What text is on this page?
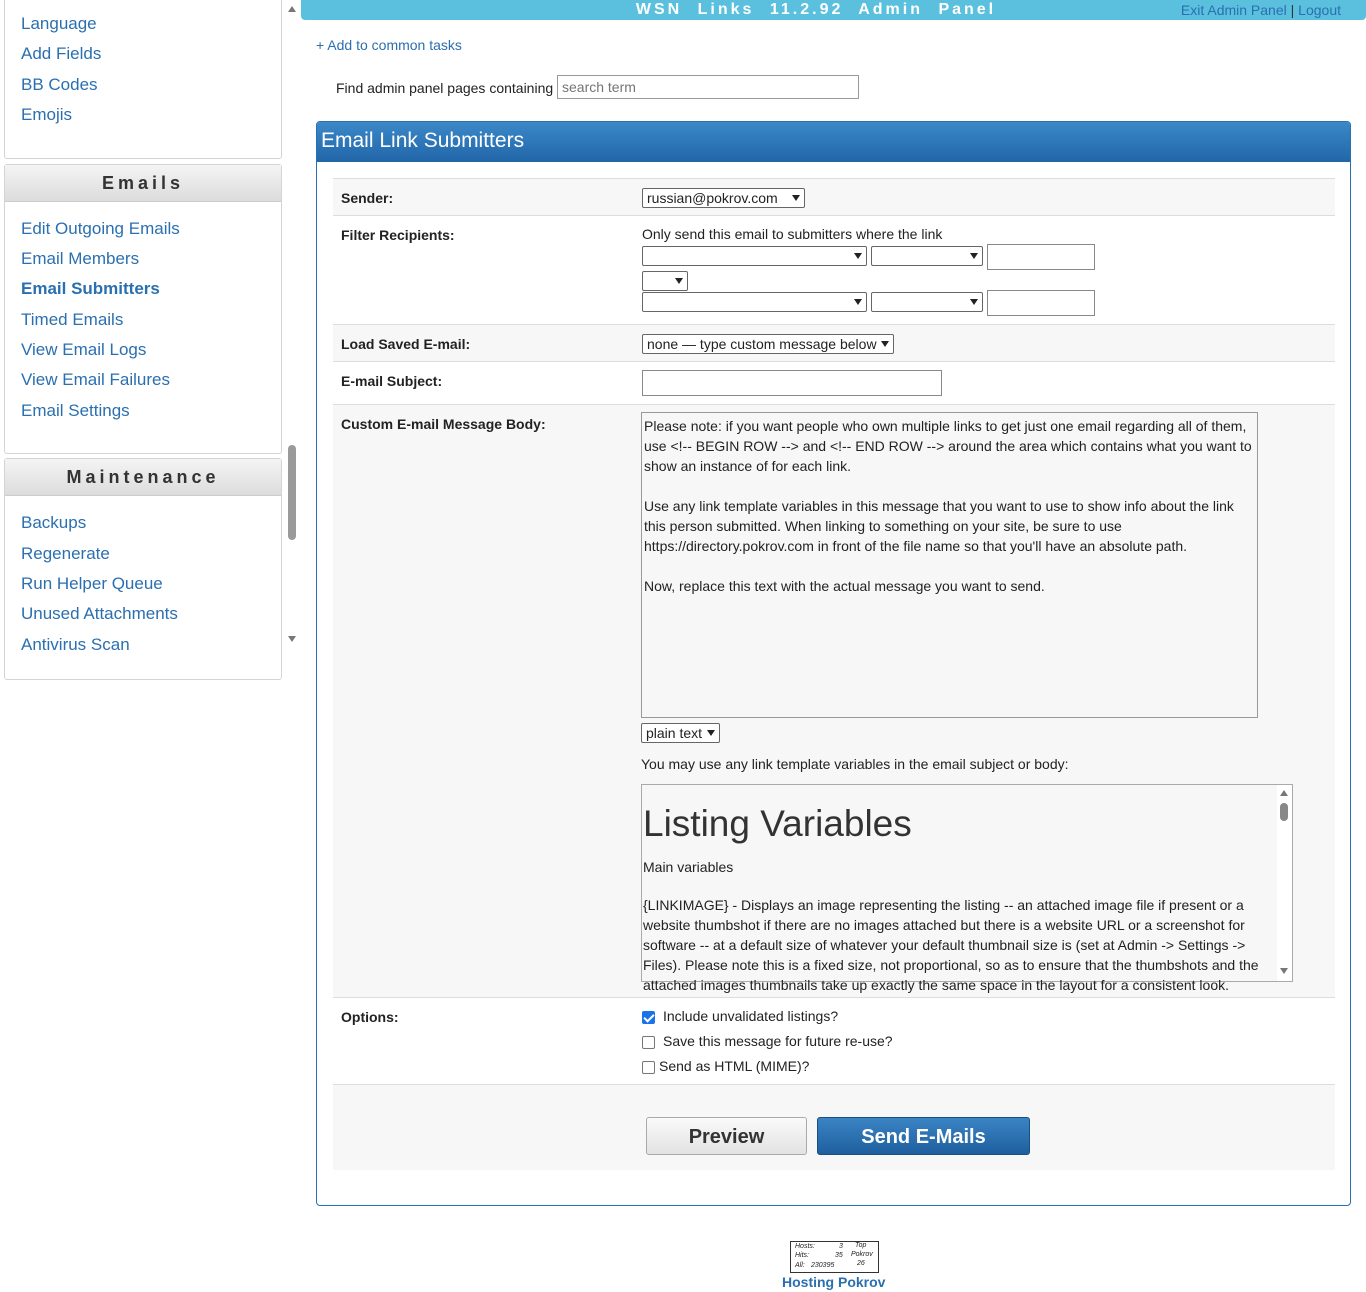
Language
Add Fields
BB Codes
Emojis
Emails
Edit Outgoing Emails
Email Members
Email Submitters
Timed Emails
View Email Logs
View Email Failures
Email Settings
Maintenance
Backups
Regenerate
Run Helper Queue
Unused Attachments
Antivirus Scan
WSN Links 11.2.92 Admin Panel	Exit Admin Panel | Logout
+ Add to common tasks
Find admin panel pages containing
search term
Email Link Submitters
Sender:	russian@pokrov.com
Filter Recipients:	Only send this email to submitters where the link
Load Saved E-mail:	none — type custom message below
E-mail Subject:
Custom E-mail Message Body:	Please note: if you want people who own multiple links to get just one email regarding all of them, use <!-- BEGIN ROW --> and <!-- END ROW --> around the area which contains what you want to show an instance of for each link.

Use any link template variables in this message that you want to use to show info about the link this person submitted. When linking to something on your site, be sure to use https://directory.pokrov.com in front of the file name so that you'll have an absolute path.

Now, replace this text with the actual message you want to send.

plain text
You may use any link template variables in the email subject or body:
Listing Variables
Main variables
{LINKIMAGE} - Displays an image representing the listing -- an attached image file if present or a website thumbshot if there are no images attached but there is a website URL or a screenshot for software -- at a default size of whatever your default thumbnail size is (set at Admin -> Settings -> Files). Please note this is a fixed size, not proportional, so as to ensure that the thumbshots and the attached images thumbnails take up exactly the same space in the layout for a consistent look.
Options:	Include unvalidated listings?
Save this message for future re-use?
Send as HTML (MIME)?
Preview	Send E-Mails
Hosts:	3 Top
Hits:	35 Pokrov
All: 230395	26
Hosting Pokrov
